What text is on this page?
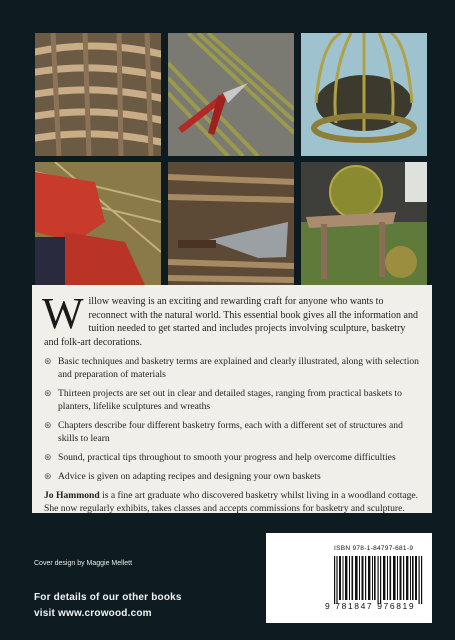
W illow weaving is an exciting and rewarding craft for anyone who wants to reconnect with the natural world. This essential book gives all the information and tuition needed to get started and includes projects involving sculpture, basketry and folk-art decorations.

⊛ Basic techniques and basketry terms are explained and clearly illustrated, along with selection and preparation of materials
⊛ Thirteen projects are set out in clear and detailed stages, ranging from practical baskets to planters, lifelike sculptures and wreaths
⊛ Chapters describe four different basketry forms, each with a different set of structures and skills to learn
⊛ Sound, practical tips throughout to smooth your progress and help overcome difficulties
⊛ Advice is given on adapting recipes and designing your own baskets

Jo Hammond is a fine art graduate who discovered basketry whilst living in a woodland cottage. She now regularly exhibits, takes classes and accepts commissions for basketry and sculpture.

Cover design by Maggie Mellett
For details of our other books
visit www.crowood.com
ISBN 978-1-84797-681-9
9 781847 976819
